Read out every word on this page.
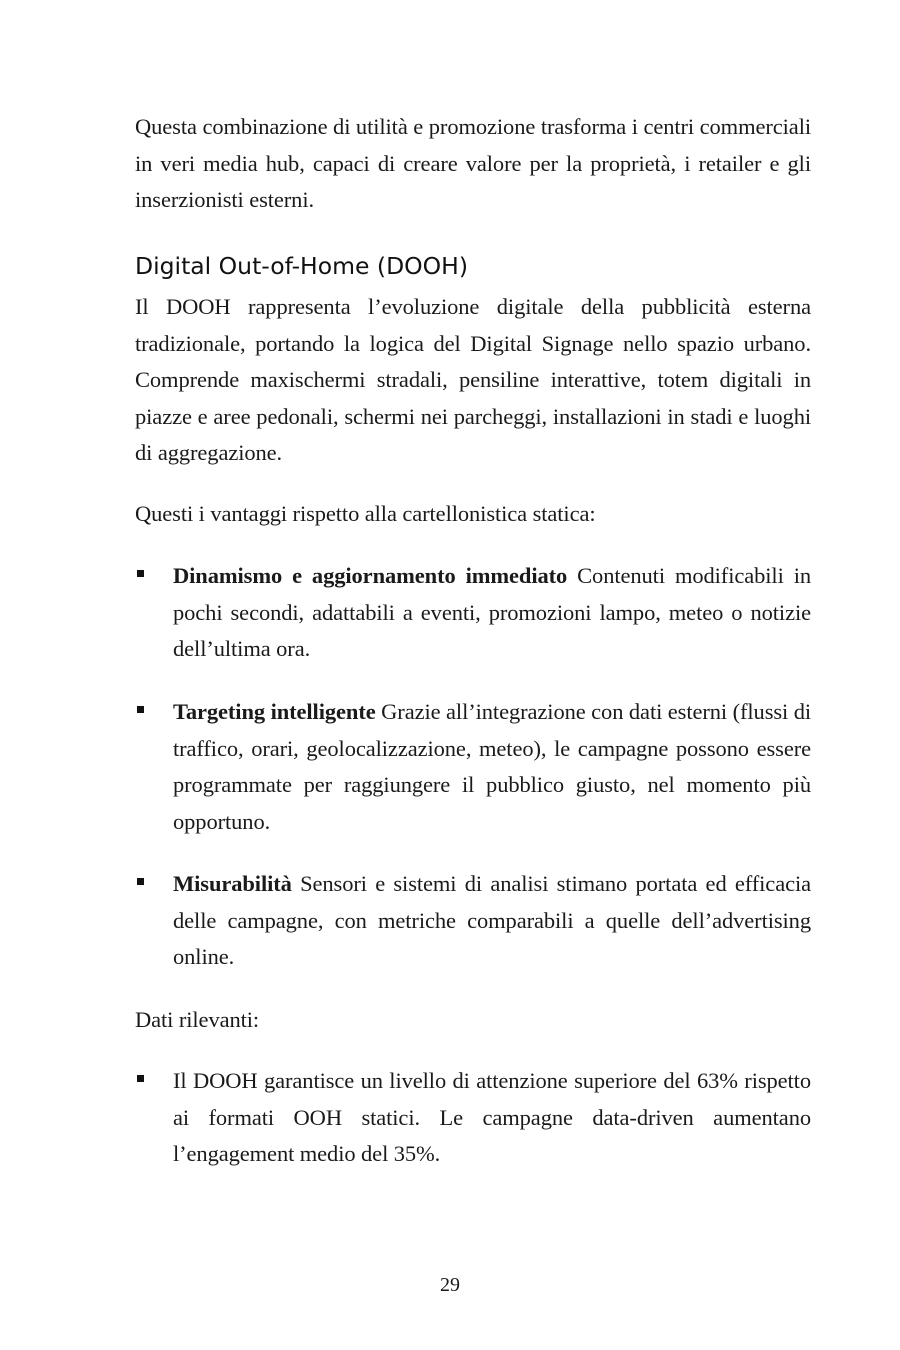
Questa combinazione di utilità e promozione trasforma i centri commerciali in veri media hub, capaci di creare valore per la proprietà, i retailer e gli inserzionisti esterni.

Digital Out-of-Home (DOOH)

Il DOOH rappresenta l’evoluzione digitale della pubblicità esterna tradizionale, portando la logica del Digital Signage nello spazio urbano. Comprende maxischermi stradali, pensiline interattive, totem digitali in piazze e aree pedonali, schermi nei parcheggi, installazioni in stadi e luoghi di aggregazione.

Questi i vantaggi rispetto alla cartellonistica statica:

Dinamismo e aggiornamento immediato Contenuti modificabili in pochi secondi, adattabili a eventi, promozioni lampo, meteo o notizie dell’ultima ora.

Targeting intelligente Grazie all’integrazione con dati esterni (flussi di traffico, orari, geolocalizzazione, meteo), le campagne possono essere programmate per raggiungere il pubblico giusto, nel momento più opportuno.

Misurabilità Sensori e sistemi di analisi stimano portata ed efficacia delle campagne, con metriche comparabili a quelle dell’advertising online.

Dati rilevanti:

Il DOOH garantisce un livello di attenzione superiore del 63% rispetto ai formati OOH statici. Le campagne data-driven aumentano l’engagement medio del 35%.

29
